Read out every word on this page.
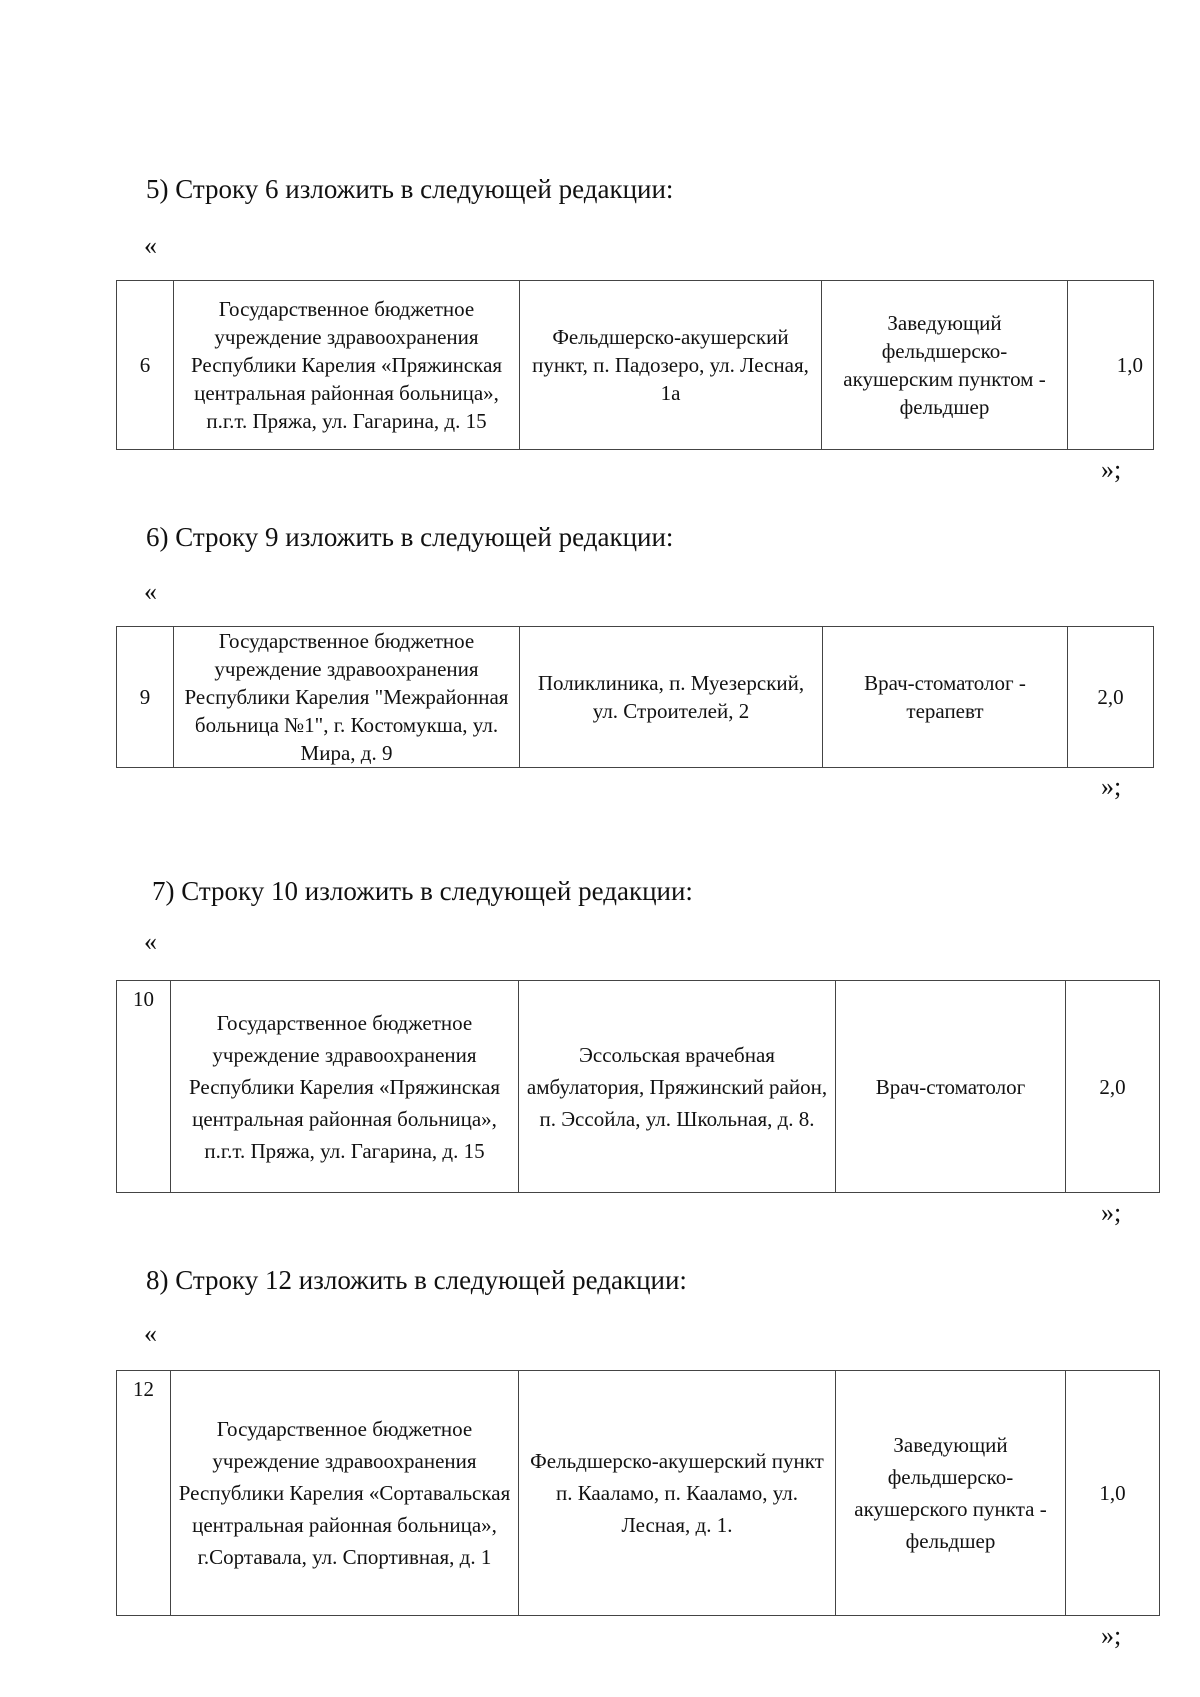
5) Строку 6 изложить в следующей редакции:
«
6	Государственное бюджетное учреждение здравоохранения Республики Карелия «Пряжинская центральная районная больница», п.г.т. Пряжа, ул. Гагарина, д. 15	Фельдшерско-акушерский пункт, п. Падозеро, ул. Лесная, 1а	Заведующий фельдшерско-акушерским пунктом - фельдшер	1,0
»;
6) Строку 9 изложить в следующей редакции:
«
9	Государственное бюджетное учреждение здравоохранения Республики Карелия "Межрайонная больница №1", г. Костомукша, ул. Мира, д. 9	Поликлиника, п. Муезерский, ул. Строителей, 2	Врач-стоматолог - терапевт	2,0
»;
7) Строку 10 изложить в следующей редакции:
«
10	Государственное бюджетное учреждение здравоохранения Республики Карелия «Пряжинская центральная районная больница», п.г.т. Пряжа, ул. Гагарина, д. 15	Эссольская врачебная амбулатория, Пряжинский район, п. Эссойла, ул. Школьная, д. 8.	Врач-стоматолог	2,0
»;
8) Строку 12 изложить в следующей редакции:
«
12	Государственное бюджетное учреждение здравоохранения Республики Карелия «Сортавальская центральная районная больница», г.Сортавала, ул. Спортивная, д. 1	Фельдшерско-акушерский пункт п. Кааламо, п. Кааламо, ул. Лесная, д. 1.	Заведующий фельдшерско-акушерского пункта - фельдшер	1,0
»;
